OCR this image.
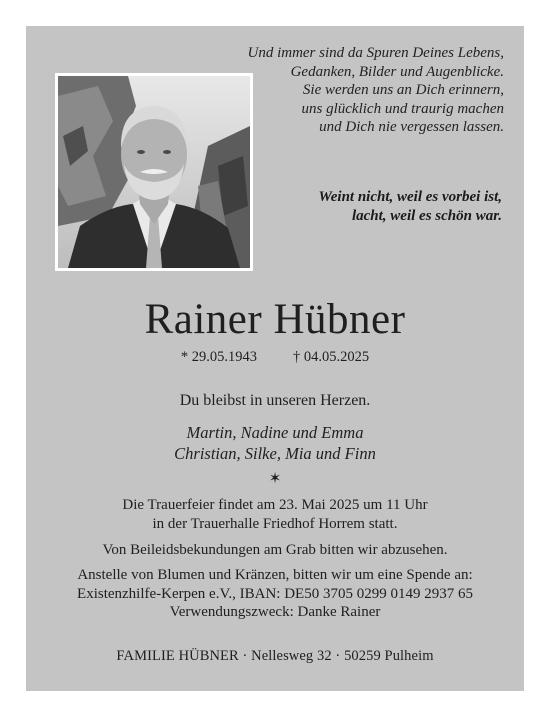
Und immer sind da Spuren Deines Lebens,
Gedanken, Bilder und Augenblicke.
Sie werden uns an Dich erinnern,
uns glücklich und traurig machen
und Dich nie vergessen lassen.
Weint nicht, weil es vorbei ist,
lacht, weil es schön war.
Rainer Hübner
* 29.05.1943 † 04.05.2025
Du bleibst in unseren Herzen.
Martin, Nadine und Emma
Christian, Silke, Mia und Finn
✶
Die Trauerfeier findet am 23. Mai 2025 um 11 Uhr
in der Trauerhalle Friedhof Horrem statt.
Von Beileidsbekundungen am Grab bitten wir abzusehen.
Anstelle von Blumen und Kränzen, bitten wir um eine Spende an:
Existenzhilfe-Kerpen e.V., IBAN: DE50 3705 0299 0149 2937 65
Verwendungszweck: Danke Rainer
FAMILIE HÜBNER · Nellesweg 32 · 50259 Pulheim
